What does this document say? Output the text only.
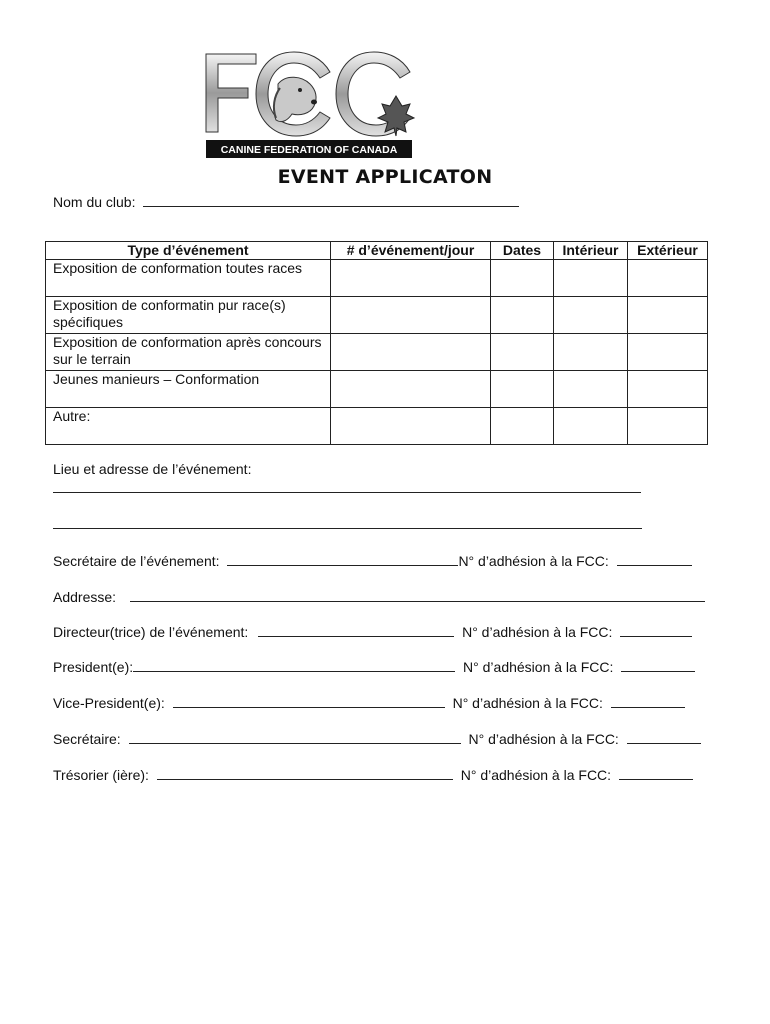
CANINE FEDERATION OF CANADA
EVENT APPLICATON
Nom du club:
Type d’événement	# d’événement/jour	Dates	Intérieur	Extérieur
Exposition de conformation toutes races				
Exposition de conformatin pur race(s) spécifiques				
Exposition de conformation après concours sur le terrain				
Jeunes manieurs – Conformation				
Autre:				
Lieu et adresse de l’événement:
Secrétaire de l’événement:	N° d’adhésion à la FCC:
Addresse:
Directeur(trice) de l’événement:	N° d’adhésion à la FCC:
President(e):	N° d’adhésion à la FCC:
Vice-President(e):	N° d’adhésion à la FCC:
Secrétaire:	N° d’adhésion à la FCC:
Trésorier (ière):	N° d’adhésion à la FCC:
